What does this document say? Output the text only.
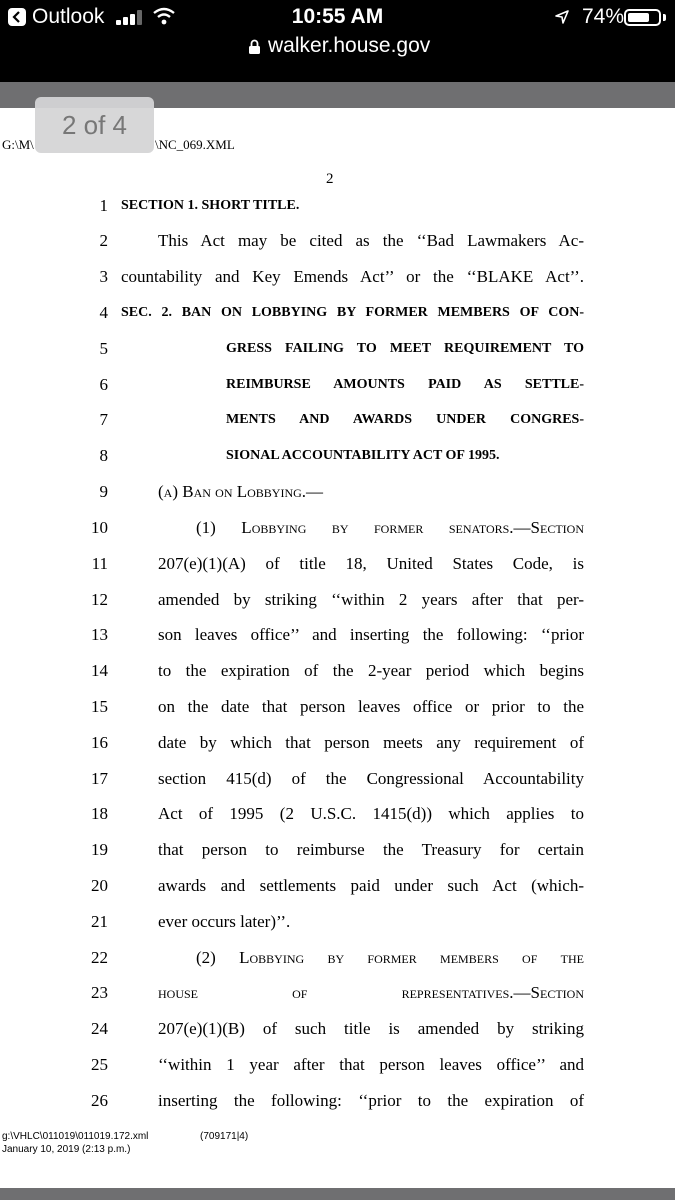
Outlook	10:55 AM	74%
walker.house.gov
2 of 4
G:\M\	\NC_069.XML
2
1
2
3
4
5
6
7
8
9
10
11
12
13
14
15
16
17
18
19
20
21
22
23
24
25
26
SECTION 1. SHORT TITLE.
This Act may be cited as the ‘‘Bad Lawmakers Ac-
countability and Key Emends Act’’ or the ‘‘BLAKE Act’’.
SEC. 2. BAN ON LOBBYING BY FORMER MEMBERS OF CON-
GRESS FAILING TO MEET REQUIREMENT TO
REIMBURSE AMOUNTS PAID AS SETTLE-
MENTS AND AWARDS UNDER CONGRES-
SIONAL ACCOUNTABILITY ACT OF 1995.
(a) Ban on Lobbying.—
(1) Lobbying by former senators.—Section
207(e)(1)(A) of title 18, United States Code, is
amended by striking ‘‘within 2 years after that per-
son leaves office’’ and inserting the following: ‘‘prior
to the expiration of the 2-year period which begins
on the date that person leaves office or prior to the
date by which that person meets any requirement of
section 415(d) of the Congressional Accountability
Act of 1995 (2 U.S.C. 1415(d)) which applies to
that person to reimburse the Treasury for certain
awards and settlements paid under such Act (which-
ever occurs later)’’.
(2) Lobbying by former members of the
house of representatives.—Section
207(e)(1)(B) of such title is amended by striking
‘‘within 1 year after that person leaves office’’ and
inserting the following: ‘‘prior to the expiration of
g:\VHLC\011019\011019.172.xml	(709171|4)
January 10, 2019 (2:13 p.m.)
